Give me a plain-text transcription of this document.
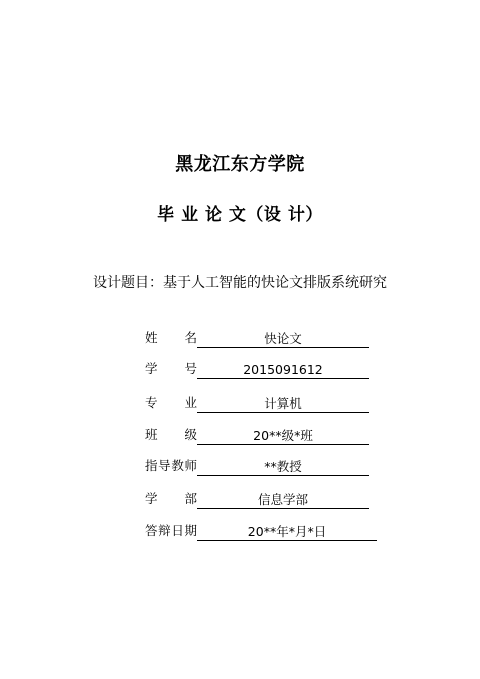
黑龙江东方学院
毕 业 论 文（设 计）
设计题目：基于人工智能的快论文排版系统研究
姓名	快论文
学号	2015091612
专业	计算机
班级	20**级*班
指导教师	**教授
学部	信息学部
答辩日期	20**年*月*日
